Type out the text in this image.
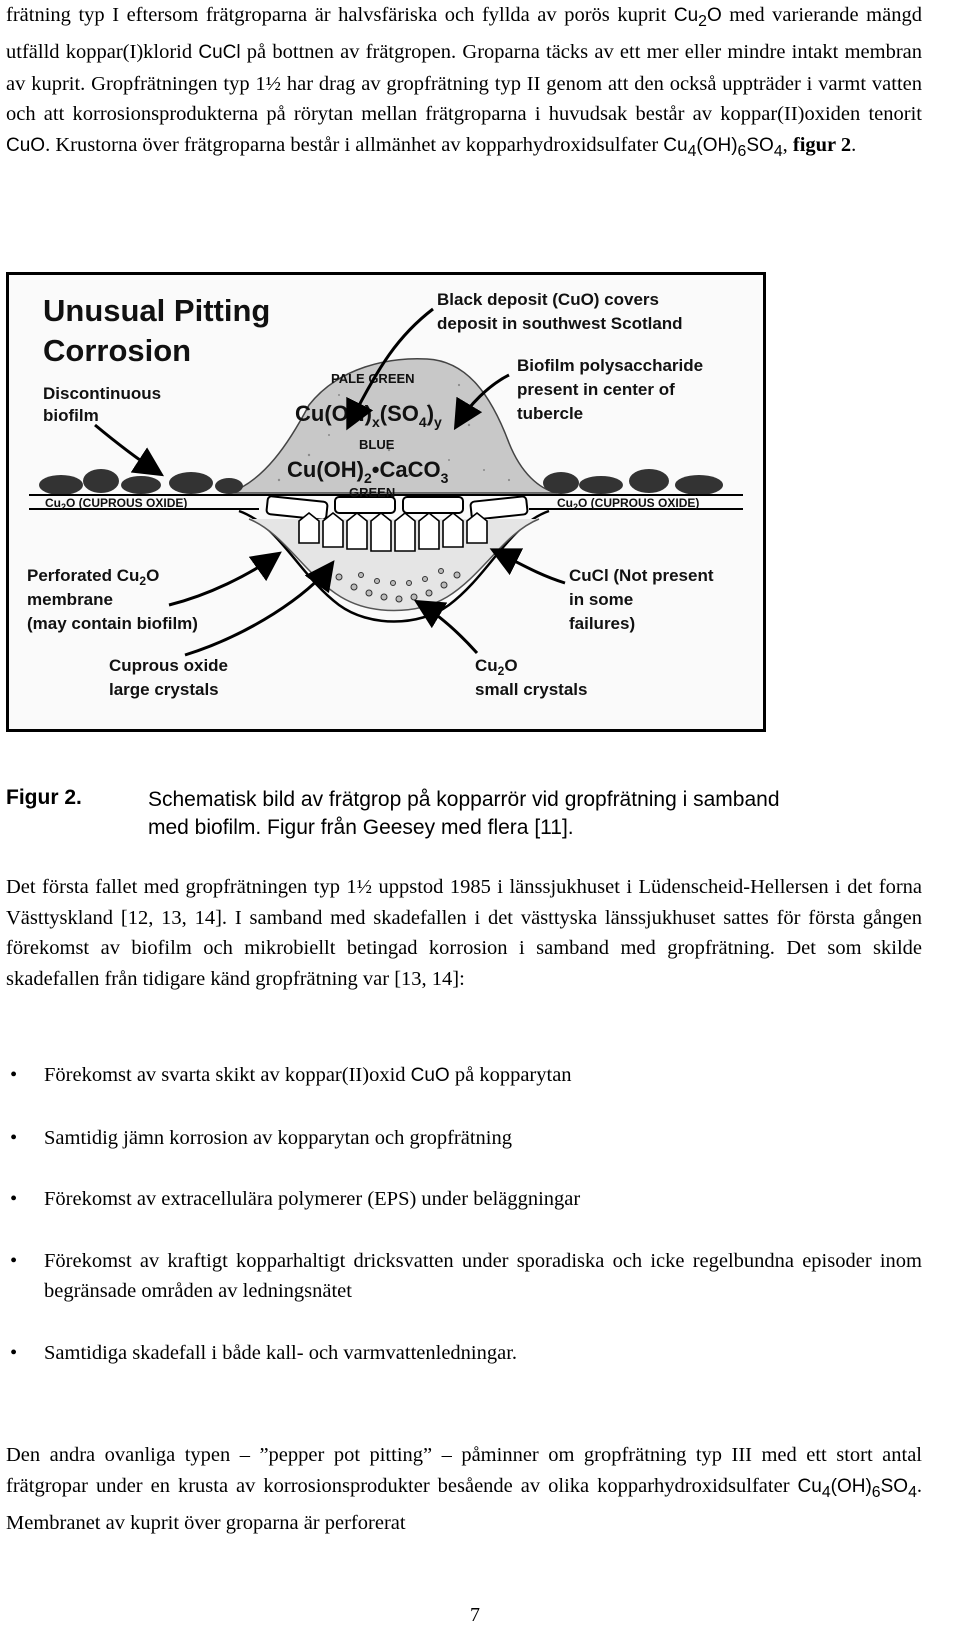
frätning typ I eftersom frätgroparna är halvsfäriska och fyllda av porös kuprit $Cu_2O$ med varierande mängd utfälld koppar(I)klorid CuCl på bottnen av frätgropen. Groparna täcks av ett mer eller mindre intakt membran av kuprit. Gropfrätningen typ 1½ har drag av gropfrätning typ II genom att den också uppträder i varmt vatten och att korrosionsprodukterna på rörytan mellan frätgroparna i huvudsak består av koppar(II)oxiden tenorit CuO. Krustorna över frätgroparna består i allmänhet av kopparhydroxidsulfater $Cu_4(OH)_6SO_4$, figur 2.

Unusual Pitting
Corrosion
PALE GREEN
$Cu(OH)_x(SO_4)_y$
BLUE
$Cu(OH)_2•CaCO_3$
GREEN
$Cu_2O$ (CUPROUS OXIDE)	$Cu_2O$ (CUPROUS OXIDE)
Discontinuous
biofilm
Perforated $Cu_2O$
membrane
(may contain biofilm)
Cuprous oxide
large crystals
Black deposit (CuO) covers
deposit in southwest Scotland
Biofilm polysaccharide
present in center of
tubercle
CuCl (Not present
in some
failures)
$Cu_2O$
small crystals
Figur 2.	Schematisk bild av frätgrop på kopparrör vid gropfrätning i samband med biofilm. Figur från Geesey med flera [11].

Det första fallet med gropfrätningen typ 1½ uppstod 1985 i länssjukhuset i Lüdenscheid-Hellersen i det forna Västtyskland [12, 13, 14]. I samband med skadefallen i det västtyska länssjukhuset sattes för första gången förekomst av biofilm och mikrobiellt betingad korrosion i samband med gropfrätning. Det som skilde skadefallen från tidigare känd gropfrätning var [13, 14]:

• Förekomst av svarta skikt av koppar(II)oxid CuO på kopparytan
• Samtidig jämn korrosion av kopparytan och gropfrätning
• Förekomst av extracellulära polymerer (EPS) under beläggningar
• Förekomst av kraftigt kopparhaltigt dricksvatten under sporadiska och icke regelbundna episoder inom begränsade områden av ledningsnätet
• Samtidiga skadefall i både kall- och varmvattenledningar.

Den andra ovanliga typen – ”pepper pot pitting” – påminner om gropfrätning typ III med ett stort antal frätgropar under en krusta av korrosionsprodukter besående av olika kopparhydroxidsulfater $Cu_4(OH)_6SO_4$. Membranet av kuprit över groparna är perforerat

7
